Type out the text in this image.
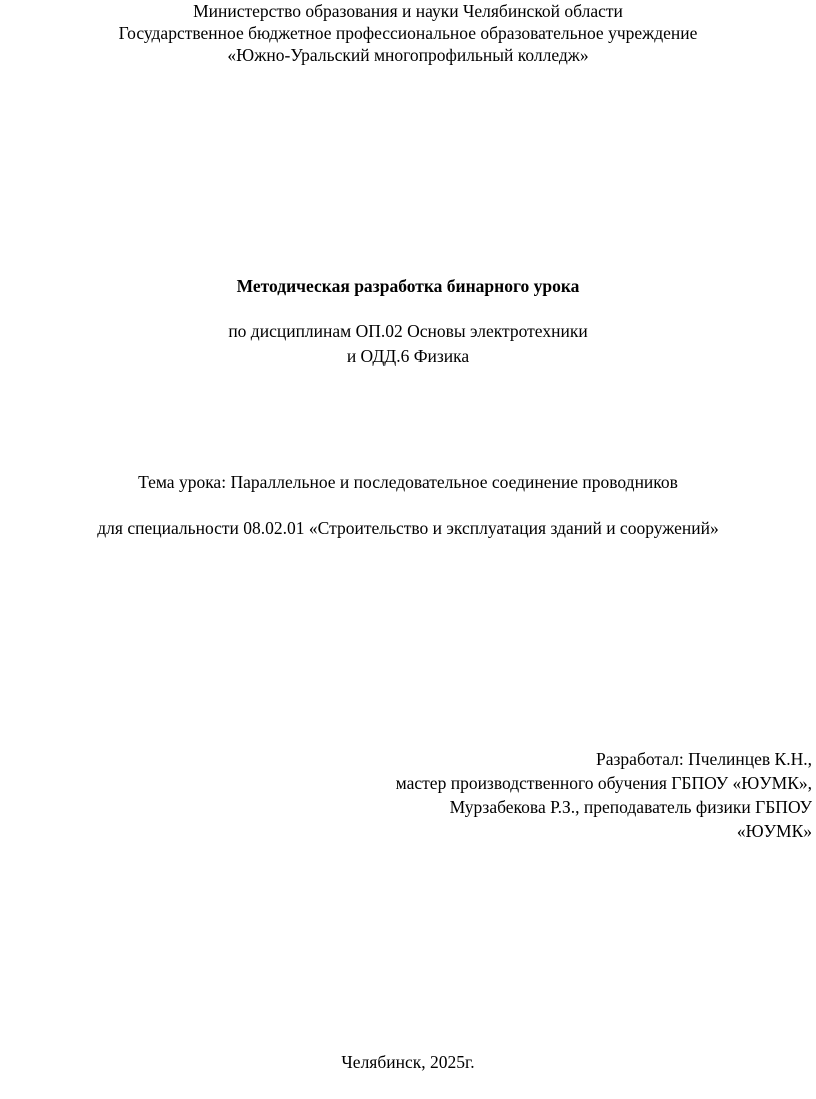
Министерство образования и науки Челябинской области
Государственное бюджетное профессиональное образовательное учреждение
«Южно-Уральский многопрофильный колледж»
Методическая разработка бинарного урока
по дисциплинам ОП.02 Основы электротехники
и ОДД.6 Физика
Тема урока: Параллельное и последовательное соединение проводников
для специальности 08.02.01 «Строительство и эксплуатация зданий и сооружений»
Разработал: Пчелинцев К.Н.,
мастер производственного обучения ГБПОУ «ЮУМК»,
Мурзабекова Р.З., преподаватель физики ГБПОУ
«ЮУМК»
Челябинск, 2025г.
